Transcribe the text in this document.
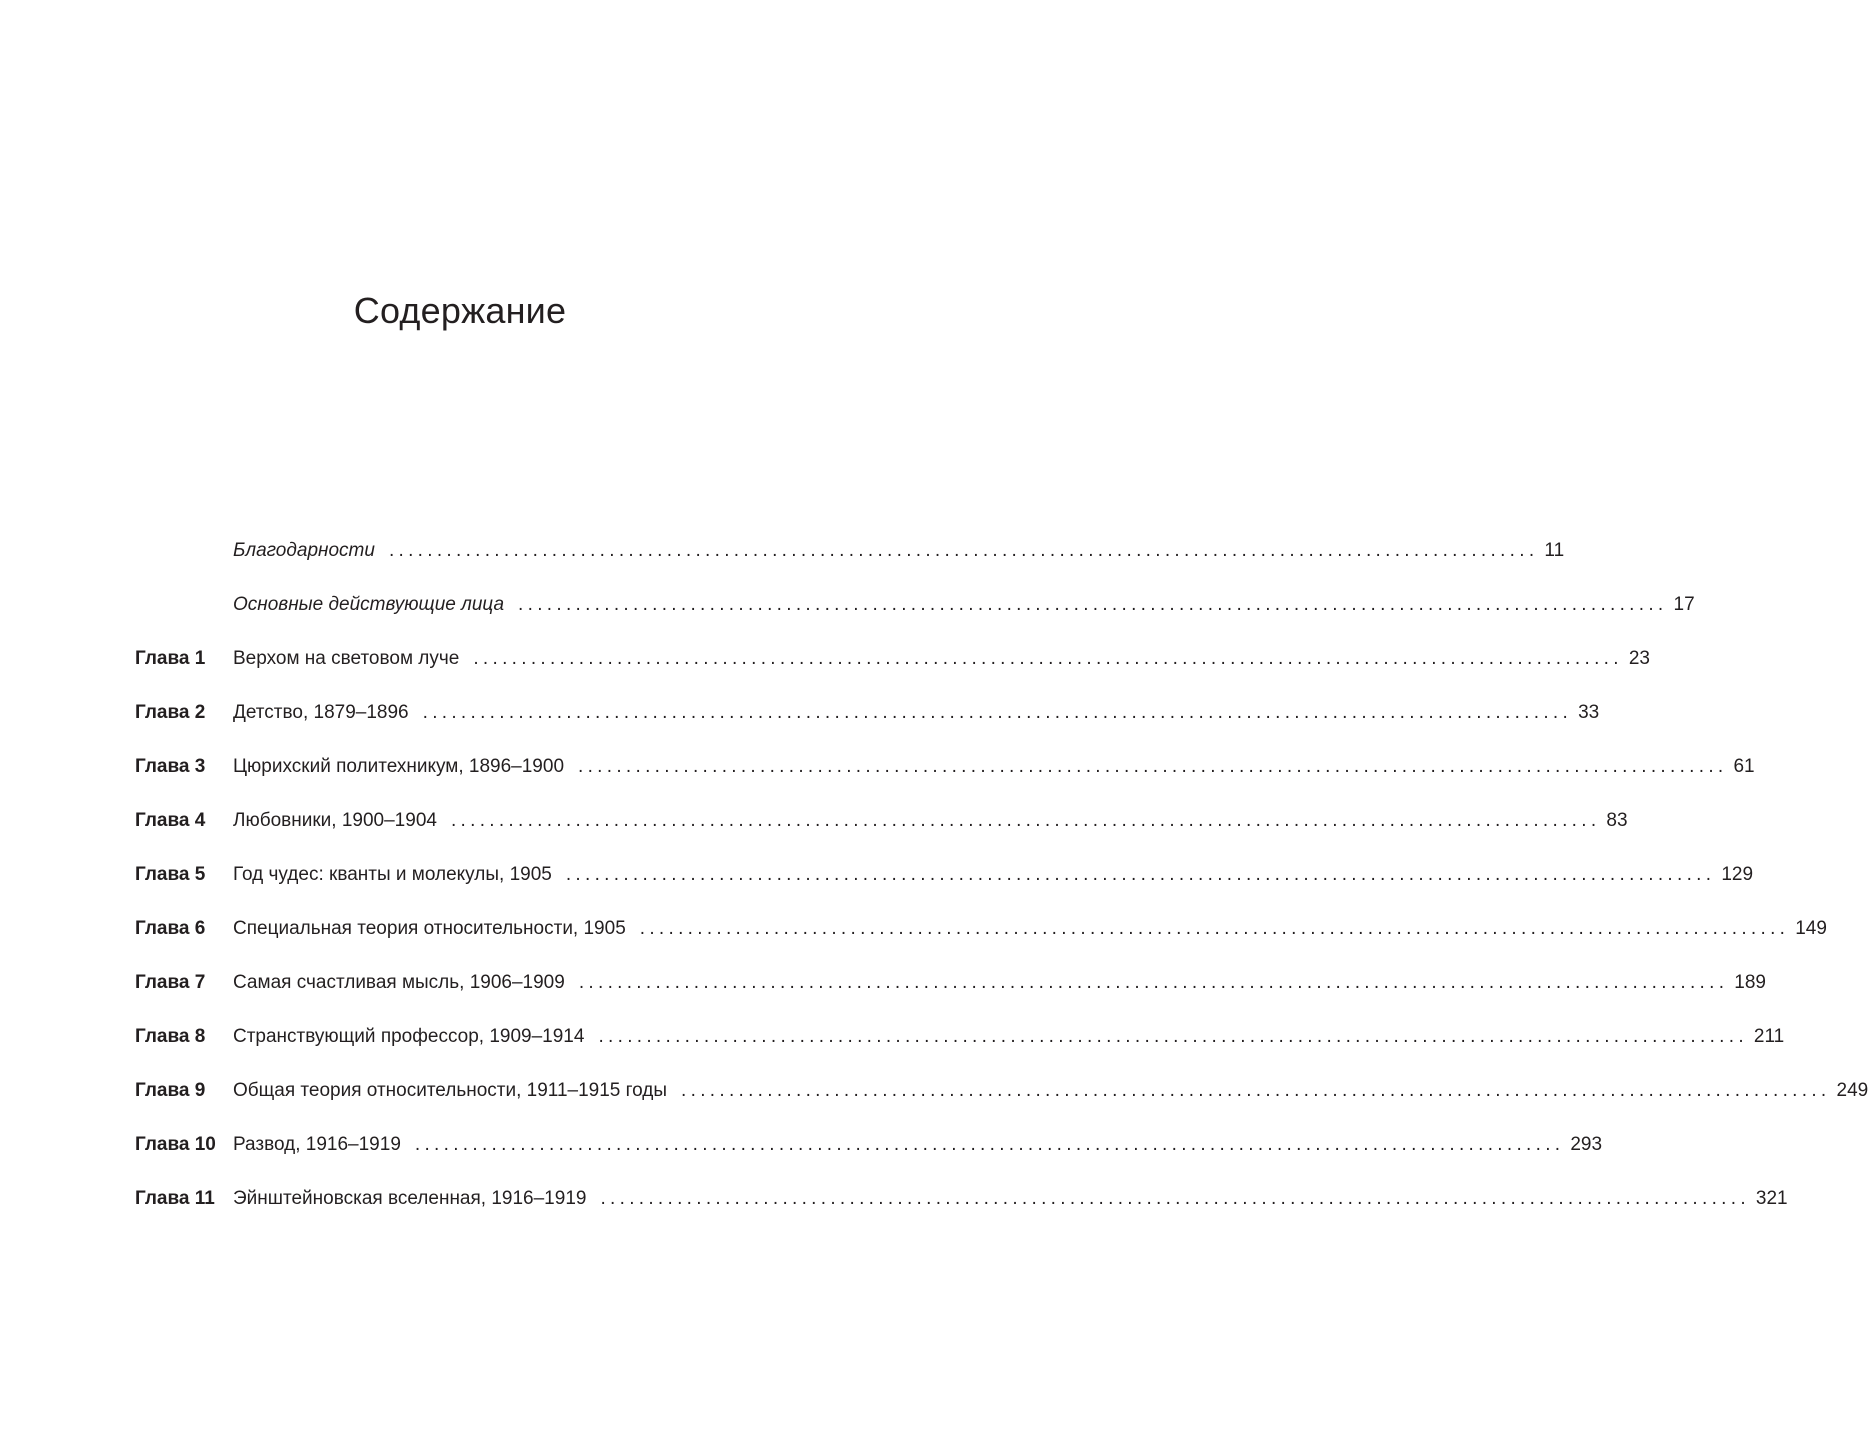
Содержание
Благодарности ........................................................................................................................ 11
Основные действующие лица ........................................................................................................................ 17
Глава 1 Верхом на световом луче ........................................................................................................................ 23
Глава 2 Детство, 1879–1896 ........................................................................................................................ 33
Глава 3 Цюрихский политехникум, 1896–1900 ........................................................................................................................ 61
Глава 4 Любовники, 1900–1904 ........................................................................................................................ 83
Глава 5 Год чудес: кванты и молекулы, 1905 ........................................................................................................................ 129
Глава 6 Специальная теория относительности, 1905 ........................................................................................................................ 149
Глава 7 Самая счастливая мысль, 1906–1909 ........................................................................................................................ 189
Глава 8 Странствующий профессор, 1909–1914 ........................................................................................................................ 211
Глава 9 Общая теория относительности, 1911–1915 годы ........................................................................................................................ 249
Глава 10 Развод, 1916–1919 ........................................................................................................................ 293
Глава 11 Эйнштейновская вселенная, 1916–1919 ........................................................................................................................ 321
